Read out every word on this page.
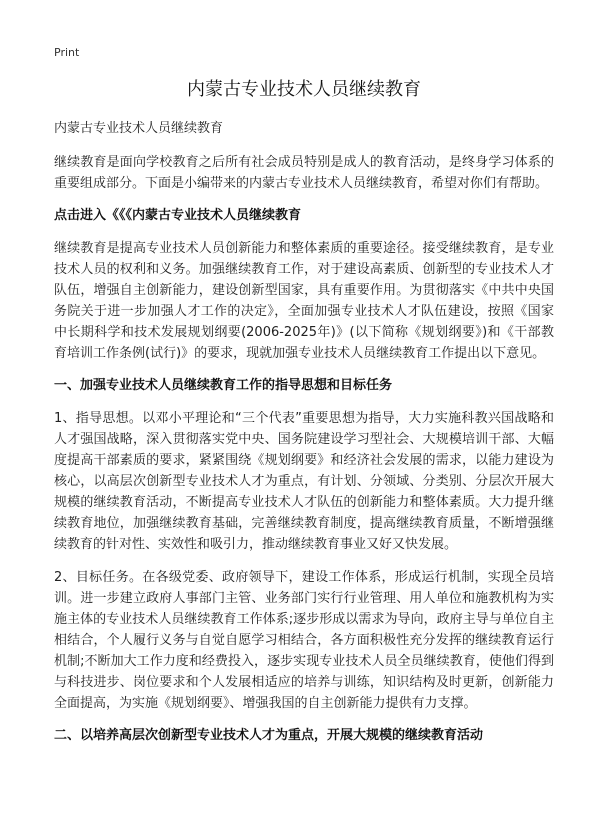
Print
内蒙古专业技术人员继续教育
内蒙古专业技术人员继续教育

继续教育是面向学校教育之后所有社会成员特别是成人的教育活动，是终身学习体系的重要组成部分。下面是小编带来的内蒙古专业技术人员继续教育，希望对你们有帮助。

点击进入《《《内蒙古专业技术人员继续教育

继续教育是提高专业技术人员创新能力和整体素质的重要途径。接受继续教育，是专业技术人员的权利和义务。加强继续教育工作，对于建设高素质、创新型的专业技术人才队伍，增强自主创新能力，建设创新型国家，具有重要作用。为贯彻落实《中共中央国务院关于进一步加强人才工作的决定》，全面加强专业技术人才队伍建设，按照《国家中长期科学和技术发展规划纲要(2006-2025年)》(以下简称《规划纲要》)和《干部教育培训工作条例(试行)》的要求，现就加强专业技术人员继续教育工作提出以下意见。

一、加强专业技术人员继续教育工作的指导思想和目标任务

1、指导思想。以邓小平理论和“三个代表”重要思想为指导，大力实施科教兴国战略和人才强国战略，深入贯彻落实党中央、国务院建设学习型社会、大规模培训干部、大幅度提高干部素质的要求，紧紧围绕《规划纲要》和经济社会发展的需求，以能力建设为核心，以高层次创新型专业技术人才为重点，有计划、分领域、分类别、分层次开展大规模的继续教育活动，不断提高专业技术人才队伍的创新能力和整体素质。大力提升继续教育地位，加强继续教育基础，完善继续教育制度，提高继续教育质量，不断增强继续教育的针对性、实效性和吸引力，推动继续教育事业又好又快发展。

2、目标任务。在各级党委、政府领导下，建设工作体系，形成运行机制，实现全员培训。进一步建立政府人事部门主管、业务部门实行行业管理、用人单位和施教机构为实施主体的专业技术人员继续教育工作体系;逐步形成以需求为导向，政府主导与单位自主相结合，个人履行义务与自觉自愿学习相结合，各方面积极性充分发挥的继续教育运行机制;不断加大工作力度和经费投入，逐步实现专业技术人员全员继续教育，使他们得到与科技进步、岗位要求和个人发展相适应的培养与训练，知识结构及时更新，创新能力全面提高，为实施《规划纲要》、增强我国的自主创新能力提供有力支撑。

二、以培养高层次创新型专业技术人才为重点，开展大规模的继续教育活动
